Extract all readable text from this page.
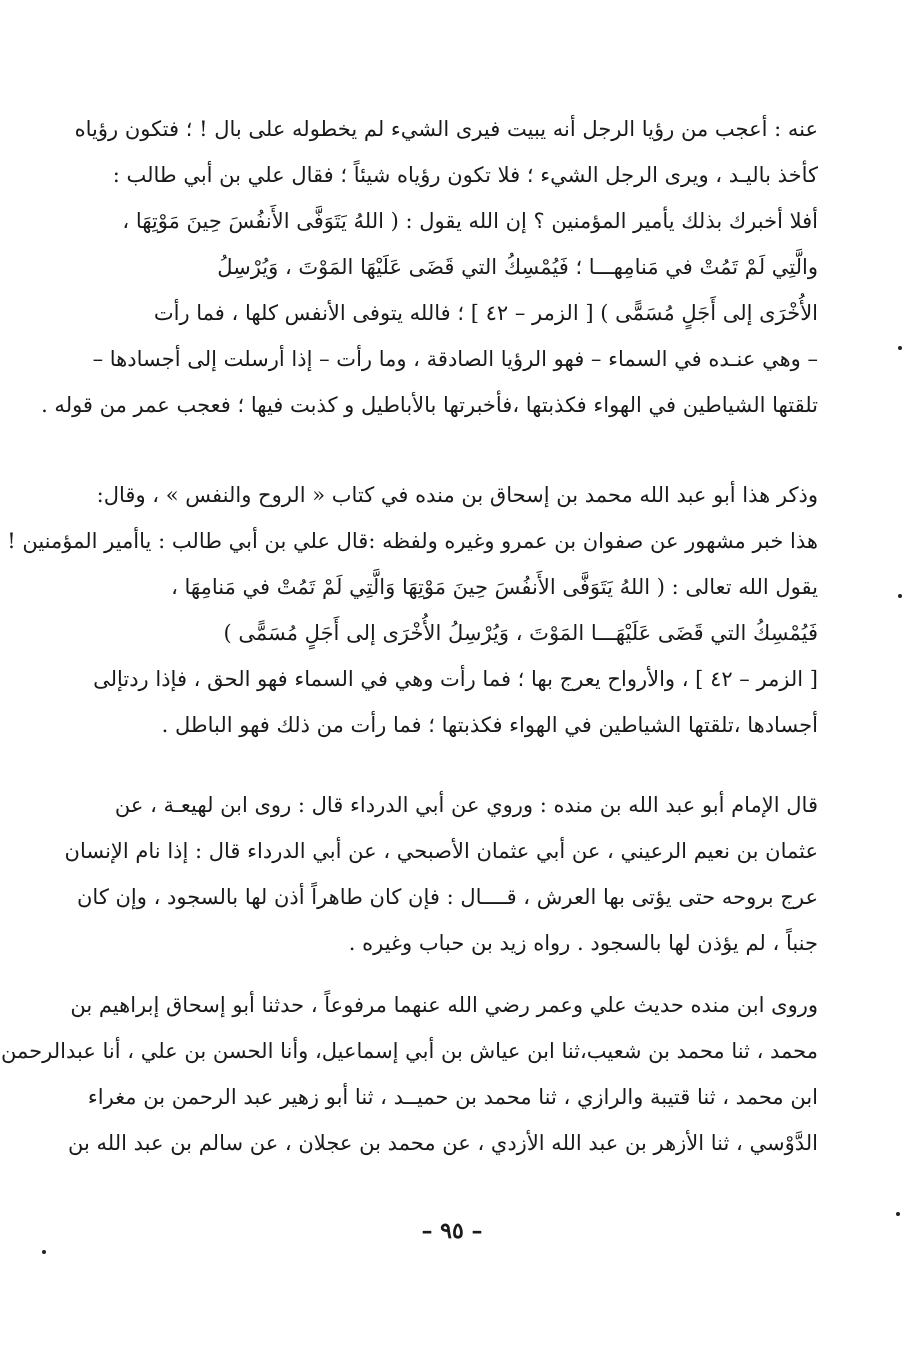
عنه : أعجب من رؤيا الرجل أنه يبيت فيرى الشيء لم يخطوله على بال ! ؛ فتكون رؤياه
كأخذ باليـد ، ويرى الرجل الشيء ؛ فلا تكون رؤياه شيئاً ؛ فقال علي بن أبي طالب :
أفلا أخبرك بذلك يأمير المؤمنين ؟ إن الله يقول : ( اللهُ يَتَوَفَّى الأَنفُسَ حِينَ مَوْتِهَا ،
والَّتِي لَمْ تَمُتْ في مَنامِهـــا ؛ فَيُمْسِكُ التي قَضَى عَلَيْهَا المَوْتَ ، وَيُرْسِلُ
الأُخْرَى إلى أَجَلٍ مُسَمًّى ) [ الزمر – ٤٢ ] ؛ فالله يتوفى الأنفس كلها ، فما رأت
– وهي عنـده في السماء – فهو الرؤيا الصادقة ، وما رأت – إذا أرسلت إلى أجسادها –
تلقتها الشياطين في الهواء فكذبتها ،فأخبرتها بالأباطيل و كذبت فيها ؛ فعجب عمر من قوله .
وذكر هذا أبو عبد الله محمد بن إسحاق بن منده في كتاب « الروح والنفس » ، وقال:
هذا خبر مشهور عن صفوان بن عمرو وغيره ولفظه :قال علي بن أبي طالب : ياأمير المؤمنين !
يقول الله تعالى : ( اللهُ يَتَوَفَّى الأَنفُسَ حِينَ مَوْتِهَا وَالَّتِي لَمْ تَمُتْ في مَنامِهَا ،
فَيُمْسِكُ التي قَضَى عَلَيْهَـــا المَوْتَ ، وَيُرْسِلُ الأُخْرَى إلى أَجَلٍ مُسَمًّى )
[ الزمر – ٤٢ ] ، والأرواح يعرج بها ؛ فما رأت وهي في السماء فهو الحق ، فإذا ردتإلى
أجسادها ،تلقتها الشياطين في الهواء فكذبتها ؛ فما رأت من ذلك فهو الباطل .
قال الإمام أبو عبد الله بن منده : وروي عن أبي الدرداء قال : روى ابن لهيعـة ، عن
عثمان بن نعيم الرعيني ، عن أبي عثمان الأصبحي ، عن أبي الدرداء قال : إذا نام الإنسان
عرج بروحه حتى يؤتى بها العرش ، قــــال : فإن كان طاهراً أذن لها بالسجود ، وإن كان
جنباً ، لم يؤذن لها بالسجود . رواه زيد بن حباب وغيره .
وروى ابن منده حديث علي وعمر رضي الله عنهما مرفوعاً ، حدثنا أبو إسحاق إبراهيم بن
محمد ، ثنا محمد بن شعيب،ثنا ابن عياش بن أبي إسماعيل، وأنا الحسن بن علي ، أنا عبدالرحمن
ابن محمد ، ثنا قتيبة والرازي ، ثنا محمد بن حميــد ، ثنا أبو زهير عبد الرحمن بن مغراء
الدَّوْسي ، ثنا الأزهر بن عبد الله الأزدي ، عن محمد بن عجلان ، عن سالم بن عبد الله بن
– ٩٥ –
